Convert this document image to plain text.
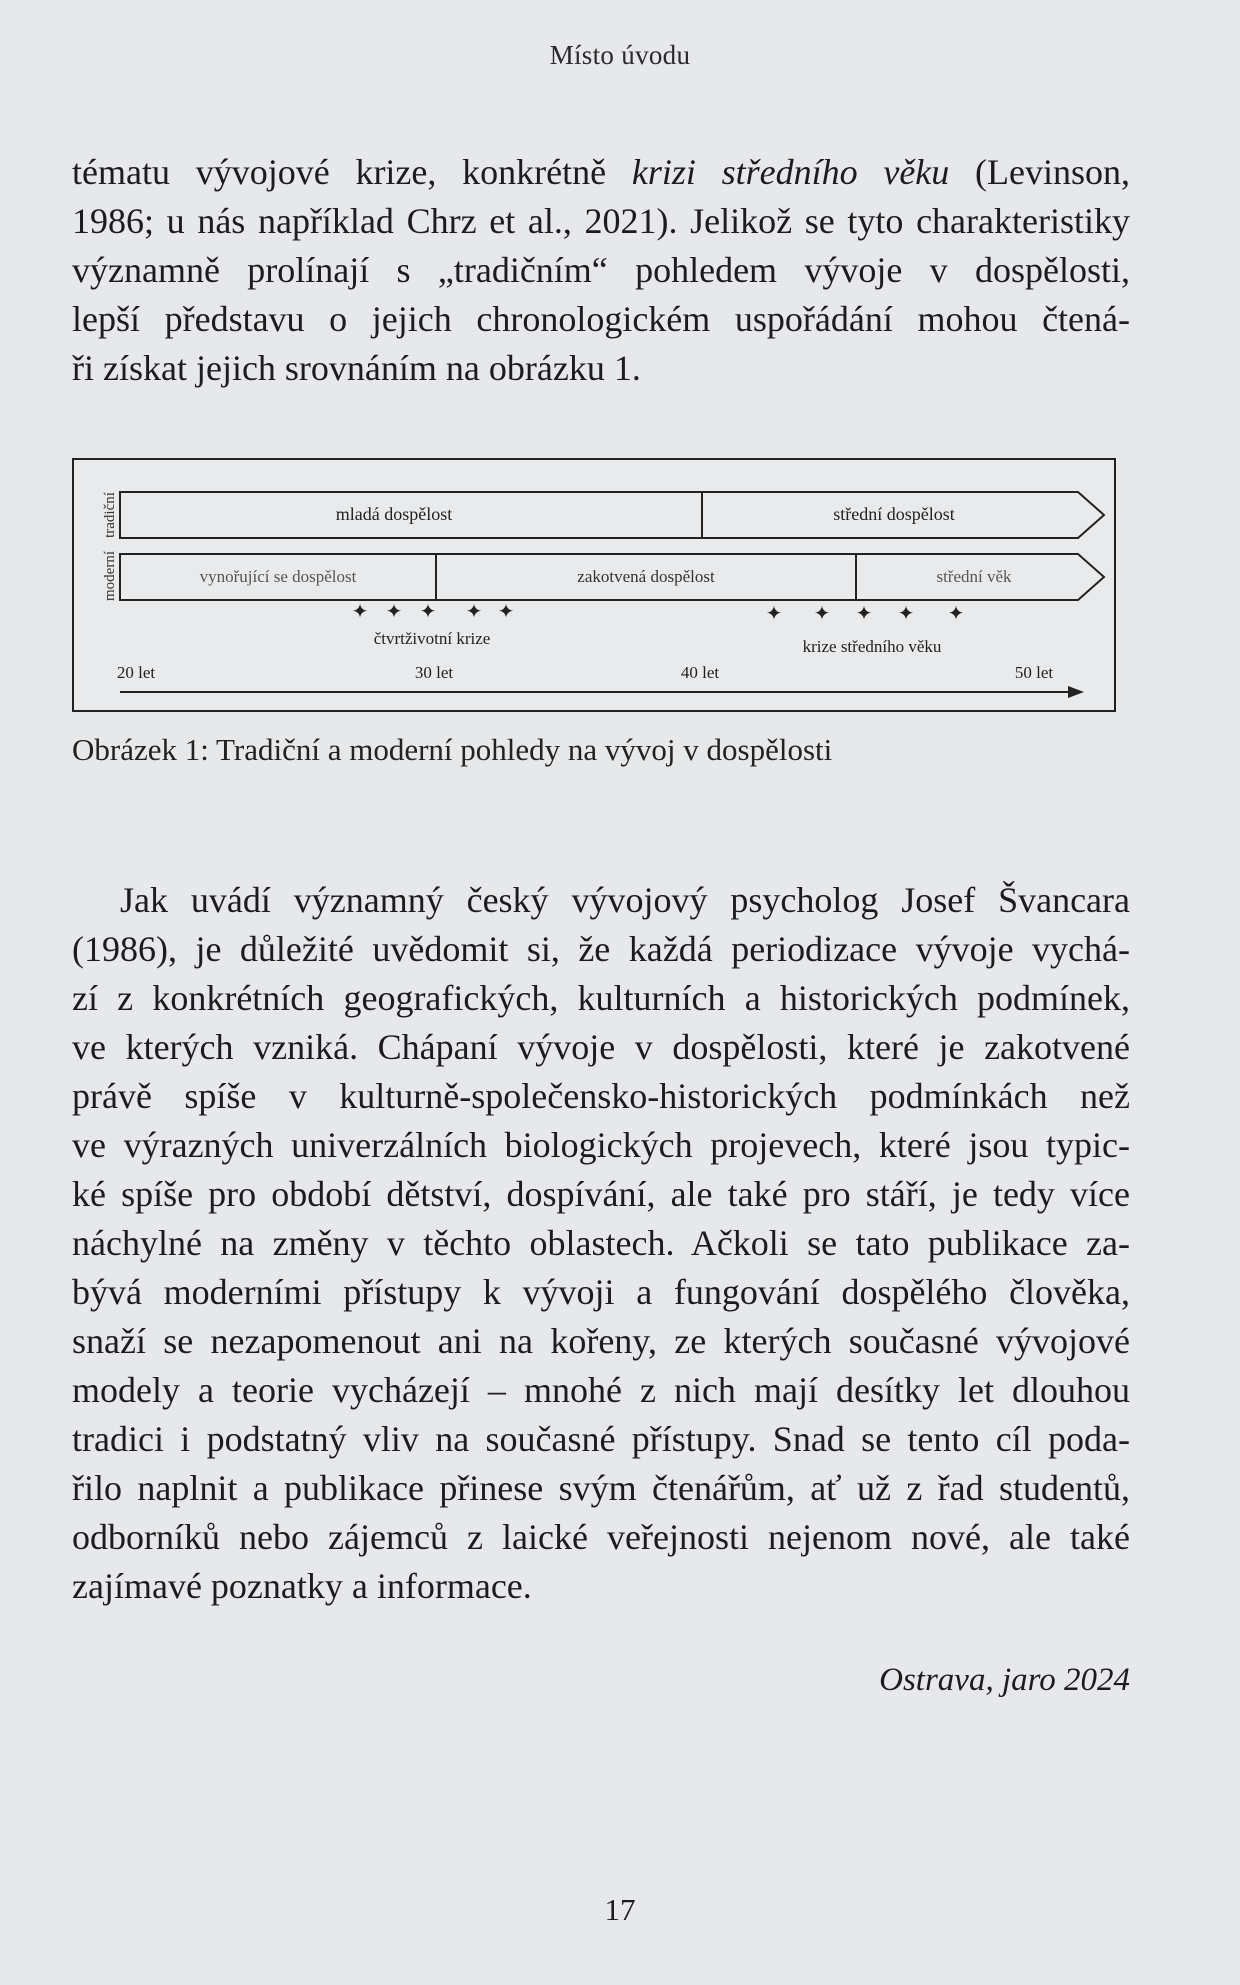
Místo úvodu
tématu vývojové krize, konkrétně krizi středního věku (Levinson,
1986; u nás například Chrz et al., 2021). Jelikož se tyto charakteristiky
významně prolínají s „tradičním“ pohledem vývoje v dospělosti,
lepší představu o jejich chronologickém uspořádání mohou čtená-
ři získat jejich srovnáním na obrázku 1.
tradiční
moderní
mladá dospělost	střední dospělost
vynořující se dospělost	zakotvená dospělost	střední věk
✦ ✦ ✦ ✦ ✦	✦ ✦ ✦ ✦ ✦
čtvrtživotní krize	krize středního věku
20 let	30 let	40 let	50 let
Obrázek 1: Tradiční a moderní pohledy na vývoj v dospělosti
Jak uvádí významný český vývojový psycholog Josef Švancara
(1986), je důležité uvědomit si, že každá periodizace vývoje vychá-
zí z konkrétních geografických, kulturních a historických podmínek,
ve kterých vzniká. Chápaní vývoje v dospělosti, které je zakotvené
právě spíše v kulturně-společensko-historických podmínkách než
ve výrazných univerzálních biologických projevech, které jsou typic-
ké spíše pro období dětství, dospívání, ale také pro stáří, je tedy více
náchylné na změny v těchto oblastech. Ačkoli se tato publikace za-
bývá moderními přístupy k vývoji a fungování dospělého člověka,
snaží se nezapomenout ani na kořeny, ze kterých současné vývojové
modely a teorie vycházejí – mnohé z nich mají desítky let dlouhou
tradici i podstatný vliv na současné přístupy. Snad se tento cíl poda-
řilo naplnit a publikace přinese svým čtenářům, ať už z řad studentů,
odborníků nebo zájemců z laické veřejnosti nejenom nové, ale také
zajímavé poznatky a informace.
Ostrava, jaro 2024
17
